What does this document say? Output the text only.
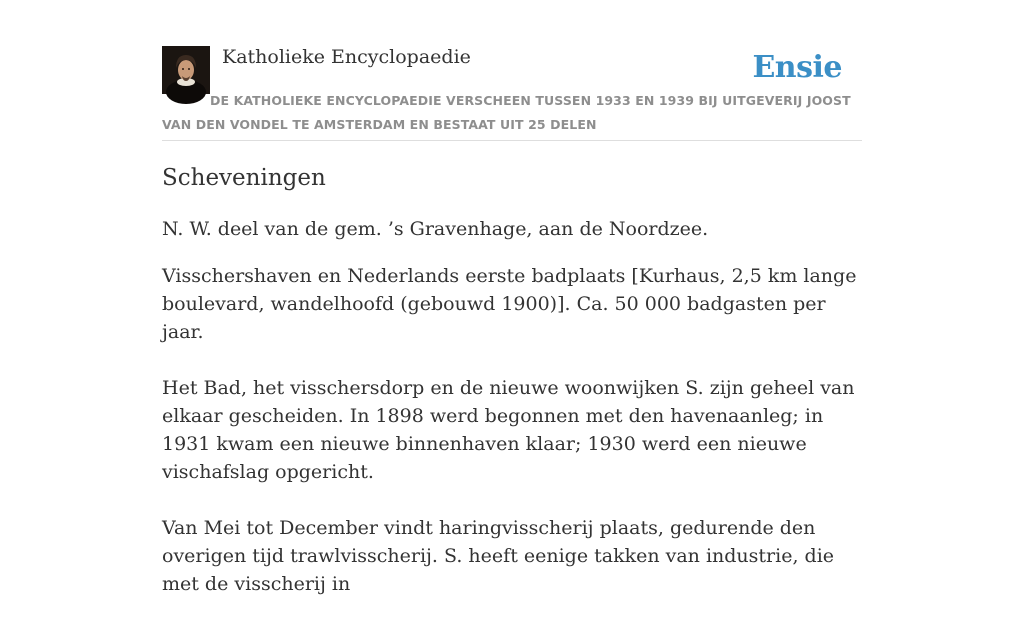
Katholieke Encyclopaedie	Ensie
DE KATHOLIEKE ENCYCLOPAEDIE VERSCHEEN TUSSEN 1933 EN 1939 BIJ UITGEVERIJ JOOST VAN DEN VONDEL TE AMSTERDAM EN BESTAAT UIT 25 DELEN
Scheveningen

N. W. deel van de gem. ’s Gravenhage, aan de Noordzee.

Visschershaven en Nederlands eerste badplaats [Kurhaus, 2,5 km lange boulevard, wandelhoofd (gebouwd 1900)]. Ca. 50 000 badgasten per jaar.

Het Bad, het visschersdorp en de nieuwe woonwijken S. zijn geheel van elkaar gescheiden. In 1898 werd begonnen met den havenaanleg; in 1931 kwam een nieuwe binnenhaven klaar; 1930 werd een nieuwe vischafslag opgericht.

Van Mei tot December vindt haringvisscherij plaats, gedurende den overigen tijd trawlvisscherij. S. heeft eenige takken van industrie, die met de visscherij in
